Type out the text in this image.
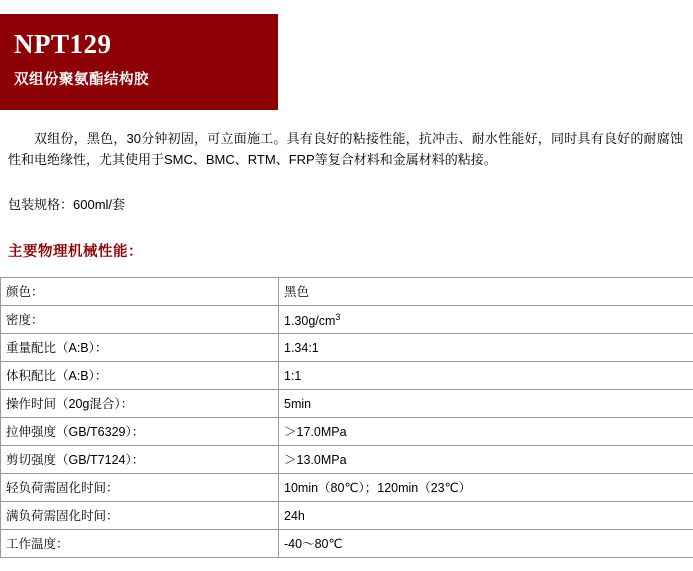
NPT129
双组份聚氨酯结构胶

双组份，黑色，30分钟初固，可立面施工。具有良好的粘接性能，抗冲击、耐水性能好，同时具有良好的耐腐蚀性和电绝缘性，尤其使用于SMC、BMC、RTM、FRP等复合材料和金属材料的粘接。

包装规格：600ml/套
主要物理机械性能：
颜色：	黑色
密度：	$1.30g/cm^3$
重量配比（A:B）：	1.34:1
体积配比（A:B）：	1:1
操作时间（20g混合）：	5min
拉伸强度（GB/T6329）：	＞17.0MPa
剪切强度（GB/T7124）：	＞13.0MPa
轻负荷需固化时间：	10min（80℃）；120min（23℃）
满负荷需固化时间：	24h
工作温度：	-40～80℃
